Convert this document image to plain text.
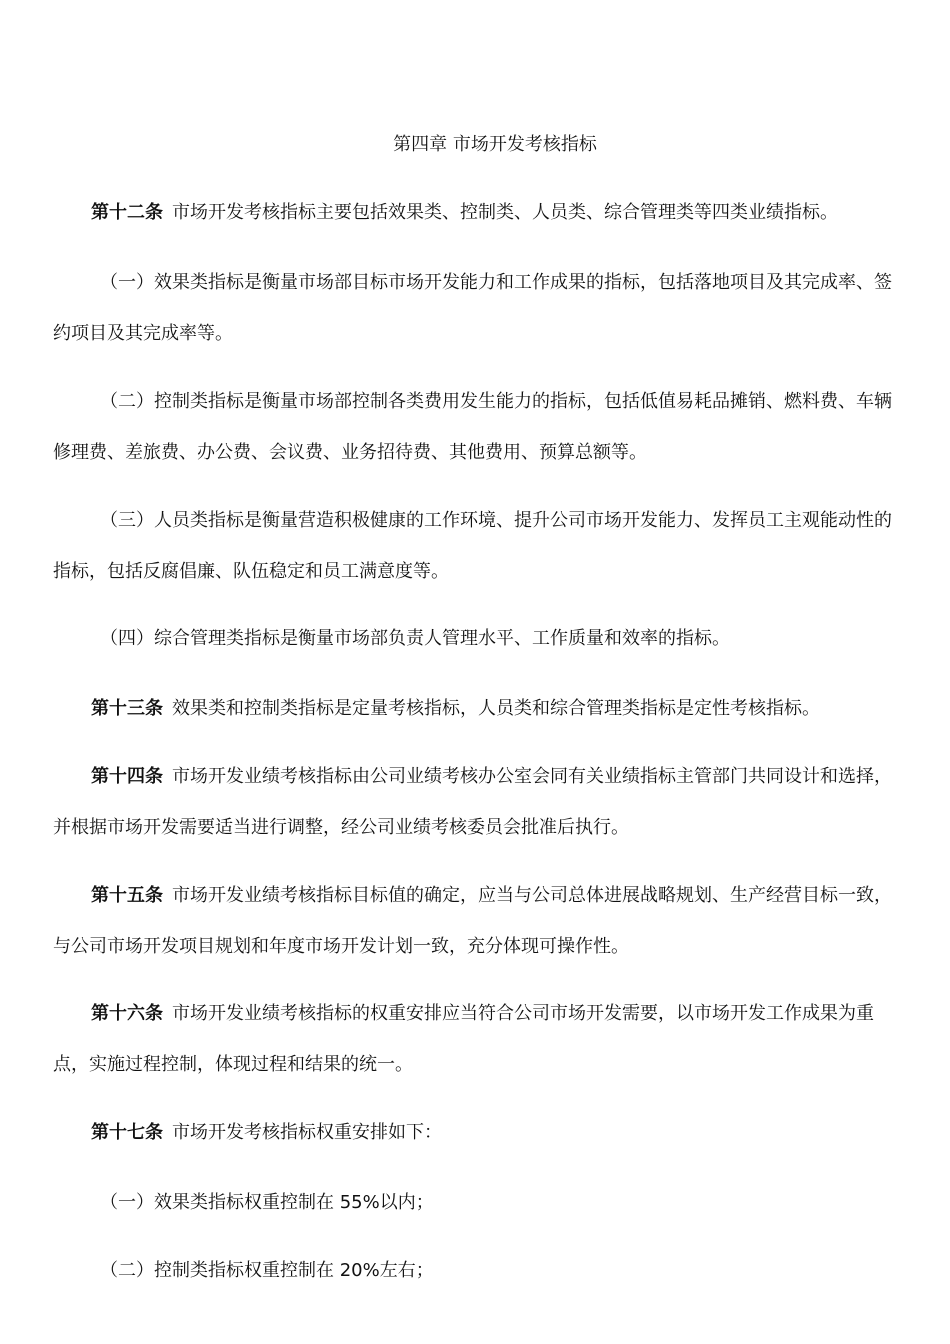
第四章 市场开发考核指标

第十二条 市场开发考核指标主要包括效果类、控制类、人员类、综合管理类等四类业绩指标。

（一）效果类指标是衡量市场部目标市场开发能力和工作成果的指标，包括落地项目及其完成率、签约项目及其完成率等。

（二）控制类指标是衡量市场部控制各类费用发生能力的指标，包括低值易耗品摊销、燃料费、车辆修理费、差旅费、办公费、会议费、业务招待费、其他费用、预算总额等。

（三）人员类指标是衡量营造积极健康的工作环境、提升公司市场开发能力、发挥员工主观能动性的指标，包括反腐倡廉、队伍稳定和员工满意度等。

（四）综合管理类指标是衡量市场部负责人管理水平、工作质量和效率的指标。

第十三条 效果类和控制类指标是定量考核指标，人员类和综合管理类指标是定性考核指标。

第十四条 市场开发业绩考核指标由公司业绩考核办公室会同有关业绩指标主管部门共同设计和选择，并根据市场开发需要适当进行调整，经公司业绩考核委员会批准后执行。

第十五条 市场开发业绩考核指标目标值的确定，应当与公司总体进展战略规划、生产经营目标一致，与公司市场开发项目规划和年度市场开发计划一致，充分体现可操作性。

第十六条 市场开发业绩考核指标的权重安排应当符合公司市场开发需要，以市场开发工作成果为重点，实施过程控制，体现过程和结果的统一。

第十七条 市场开发考核指标权重安排如下：

（一）效果类指标权重控制在 55%以内；

（二）控制类指标权重控制在 20%左右；
